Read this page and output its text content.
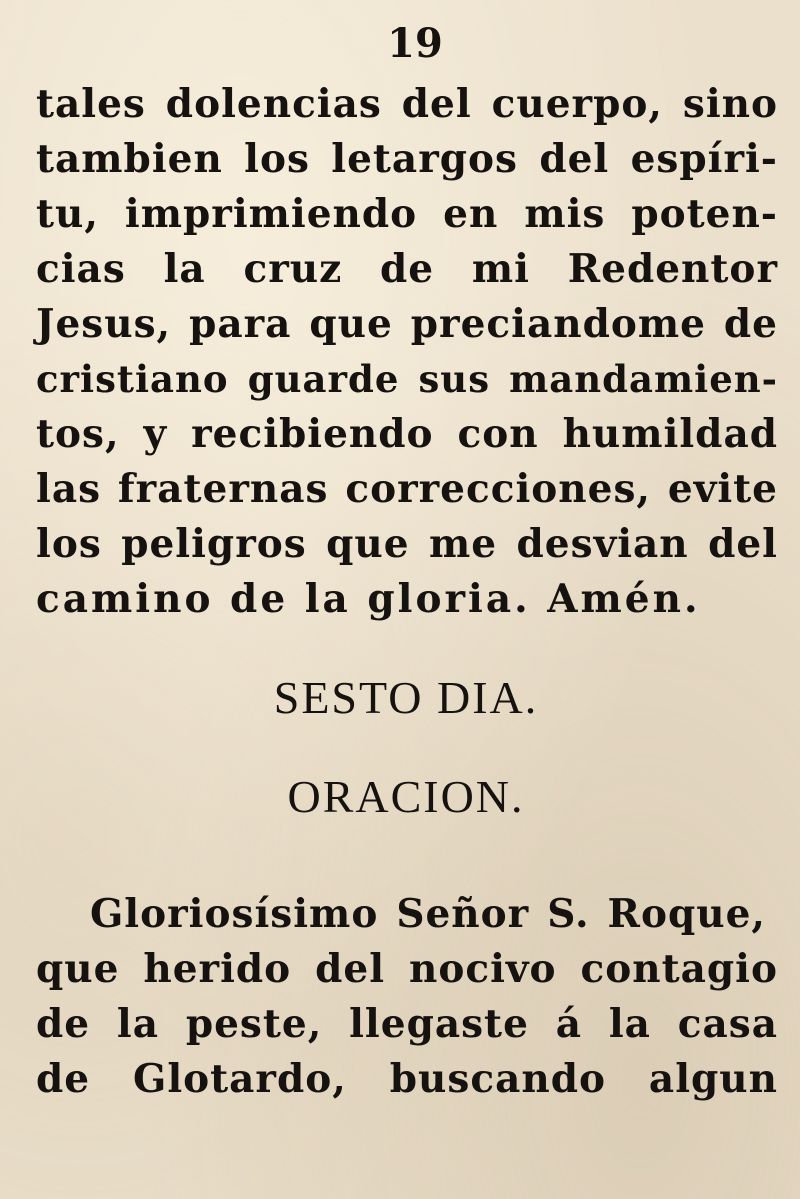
19
tales dolencias del cuerpo, sino
tambien los letargos del espíri-
tu, imprimiendo en mis poten-
cias la cruz de mi Redentor
Jesus, para que preciandome de
cristiano guarde sus mandamien-
tos, y recibiendo con humildad
las fraternas correcciones, evite
los peligros que me desvian del
camino de la gloria. Amén.
SESTO DIA.
ORACION.
Gloriosísimo Señor S. Roque,
que herido del nocivo contagio
de la peste, llegaste á la casa
de Glotardo, buscando algun
